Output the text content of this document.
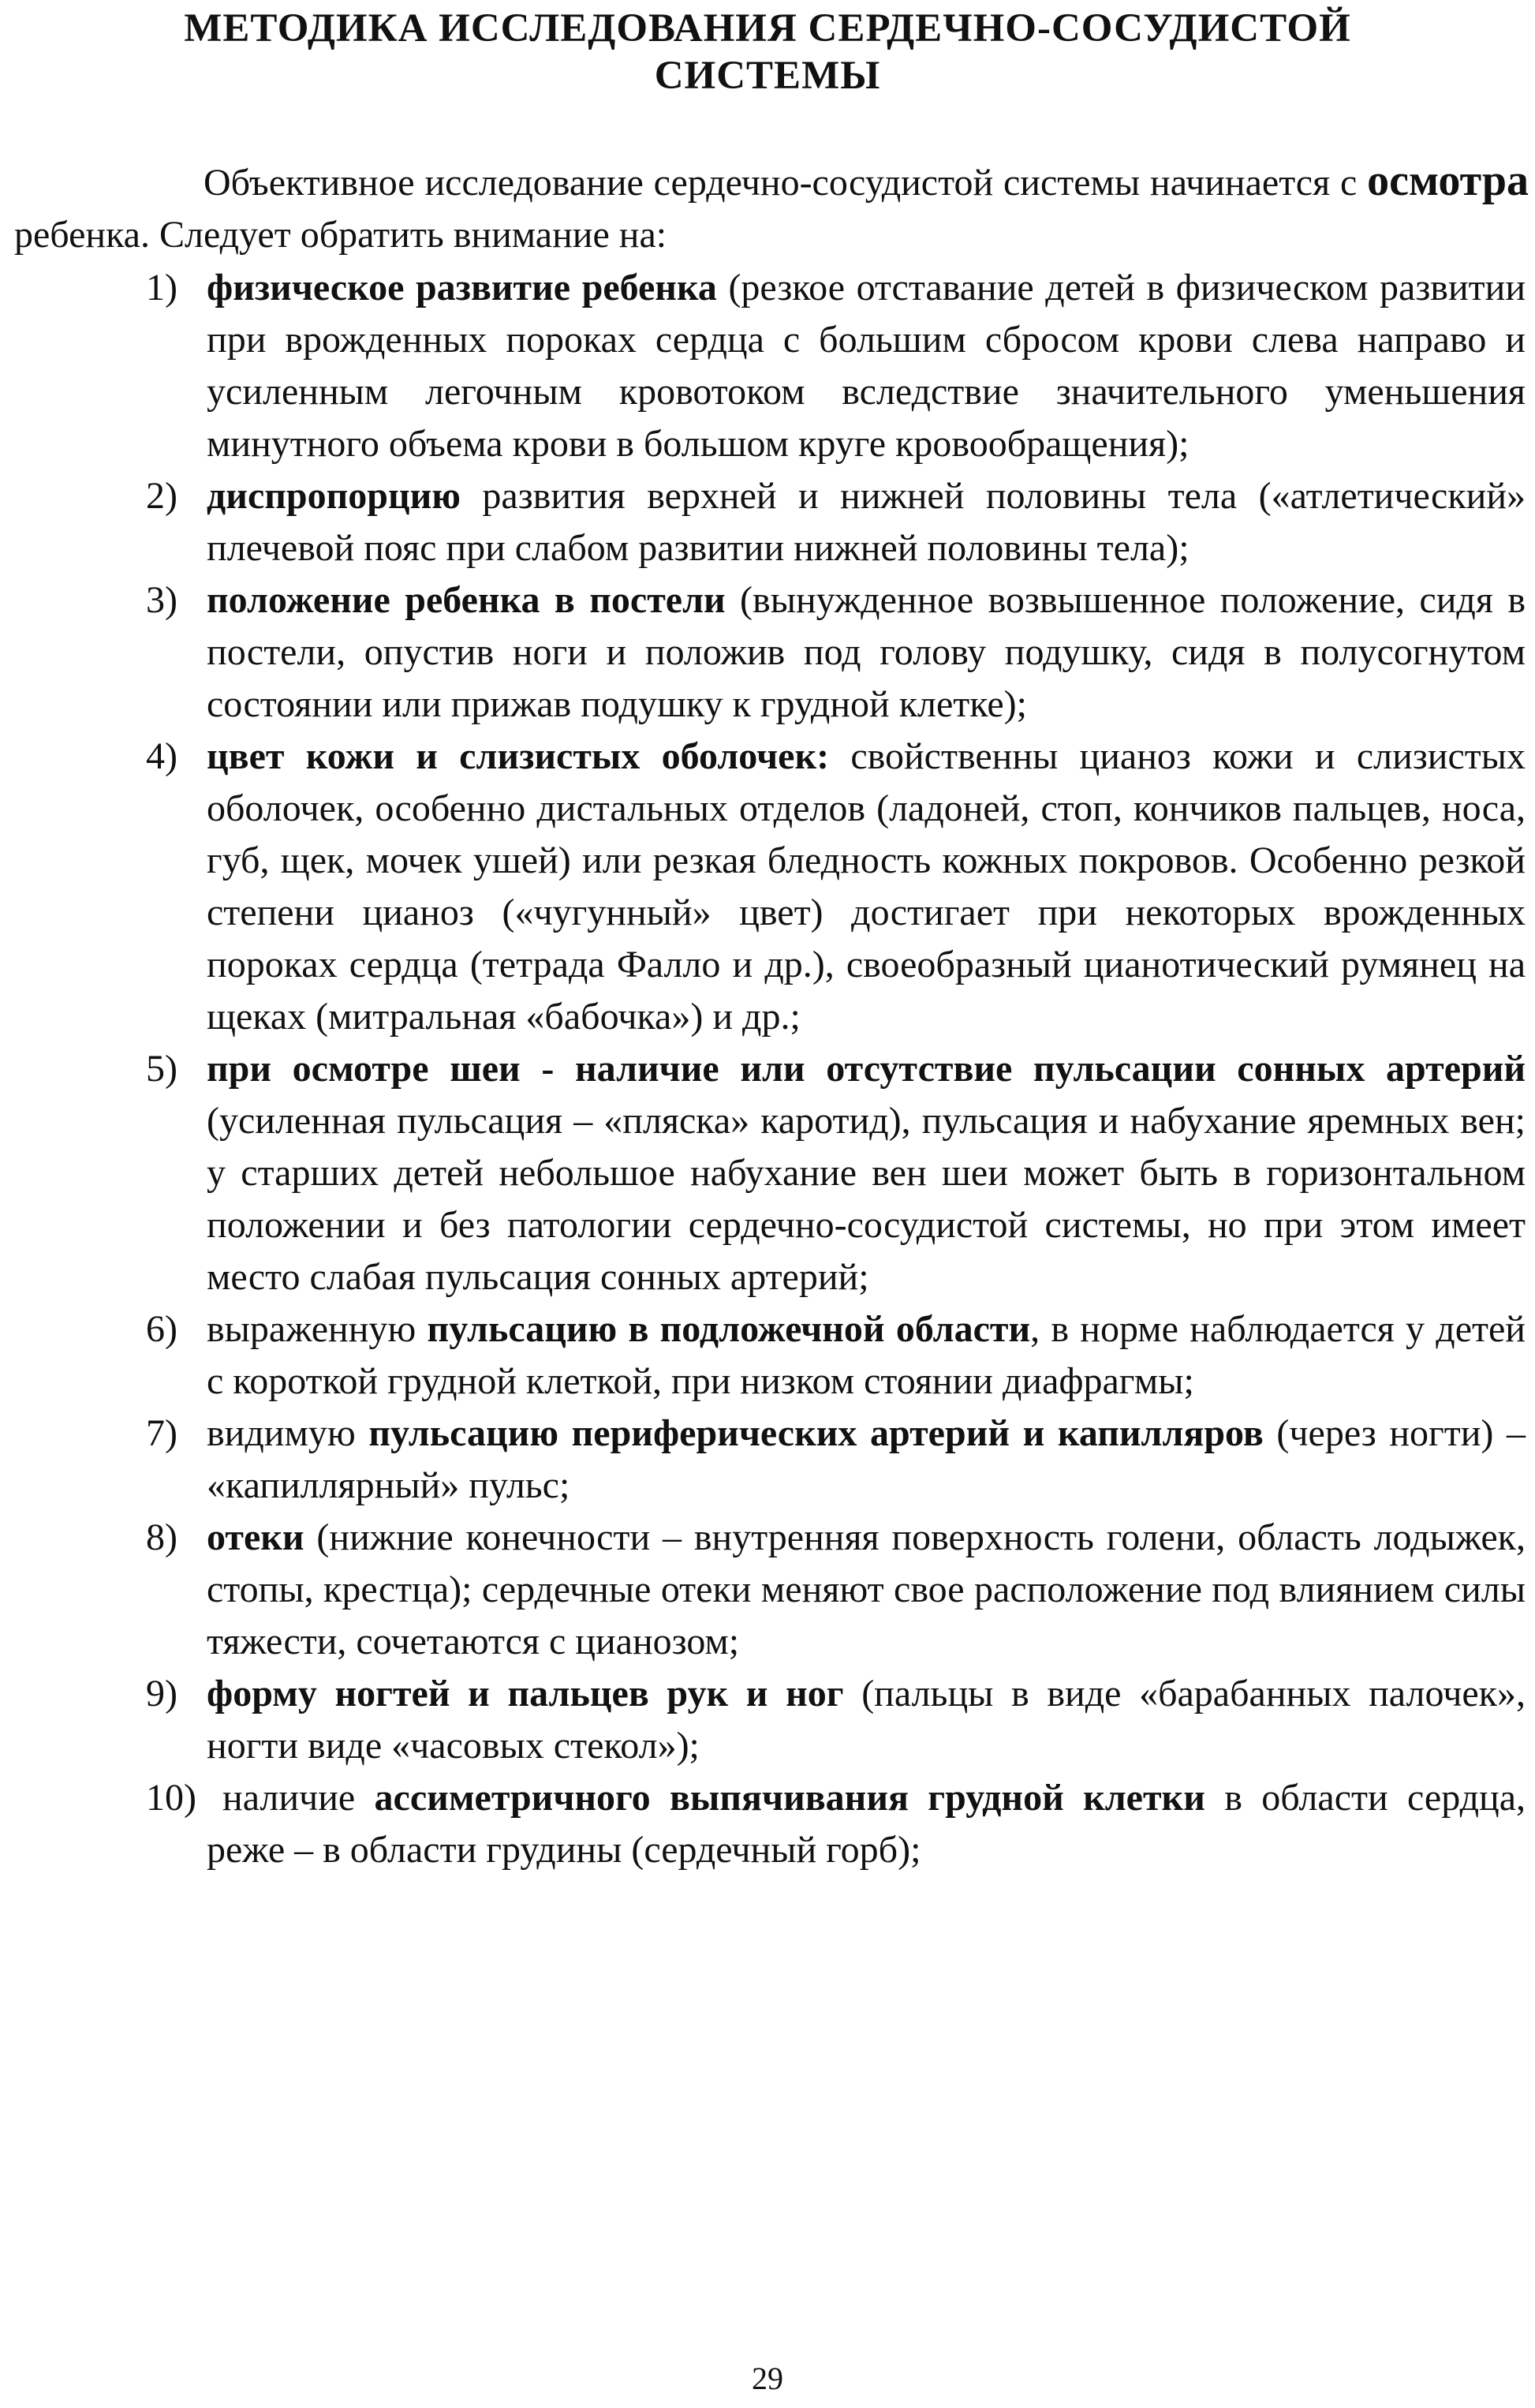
МЕТОДИКА ИССЛЕДОВАНИЯ СЕРДЕЧНО-СОСУДИСТОЙ
СИСТЕМЫ

Объективное исследование сердечно-сосудистой системы начинается с осмотра ребенка. Следует обратить внимание на:

1) физическое развитие ребенка (резкое отставание детей в физическом развитии при врожденных пороках сердца с большим сбросом крови слева направо и усиленным легочным кровотоком вследствие значительного уменьшения минутного объема крови в большом круге кровообращения);
2) диспропорцию развития верхней и нижней половины тела («атлетический» плечевой пояс при слабом развитии нижней половины тела);
3) положение ребенка в постели (вынужденное возвышенное положение, сидя в постели, опустив ноги и положив под голову подушку, сидя в полусогнутом состоянии или прижав подушку к грудной клетке);
4) цвет кожи и слизистых оболочек: свойственны цианоз кожи и слизистых оболочек, особенно дистальных отделов (ладоней, стоп, кончиков пальцев, носа, губ, щек, мочек ушей) или резкая бледность кожных покровов. Особенно резкой степени цианоз («чугунный» цвет) достигает при некоторых врожденных пороках сердца (тетрада Фалло и др.), своеобразный цианотический румянец на щеках (митральная «бабочка») и др.;
5) при осмотре шеи - наличие или отсутствие пульсации сонных артерий (усиленная пульсация – «пляска» каротид), пульсация и набухание яремных вен; у старших детей небольшое набухание вен шеи может быть в горизонтальном положении и без патологии сердечно-сосудистой системы, но при этом имеет место слабая пульсация сонных артерий;
6) выраженную пульсацию в подложечной области, в норме наблюдается у детей с короткой грудной клеткой, при низком стоянии диафрагмы;
7) видимую пульсацию периферических артерий и капилляров (через ногти) – «капиллярный» пульс;
8) отеки (нижние конечности – внутренняя поверхность голени, область лодыжек, стопы, крестца); сердечные отеки меняют свое расположение под влиянием силы тяжести, сочетаются с цианозом;
9) форму ногтей и пальцев рук и ног (пальцы в виде «барабанных палочек», ногти виде «часовых стекол»);
10) наличие ассиметричного выпячивания грудной клетки в области сердца, реже – в области грудины (сердечный горб);
29
